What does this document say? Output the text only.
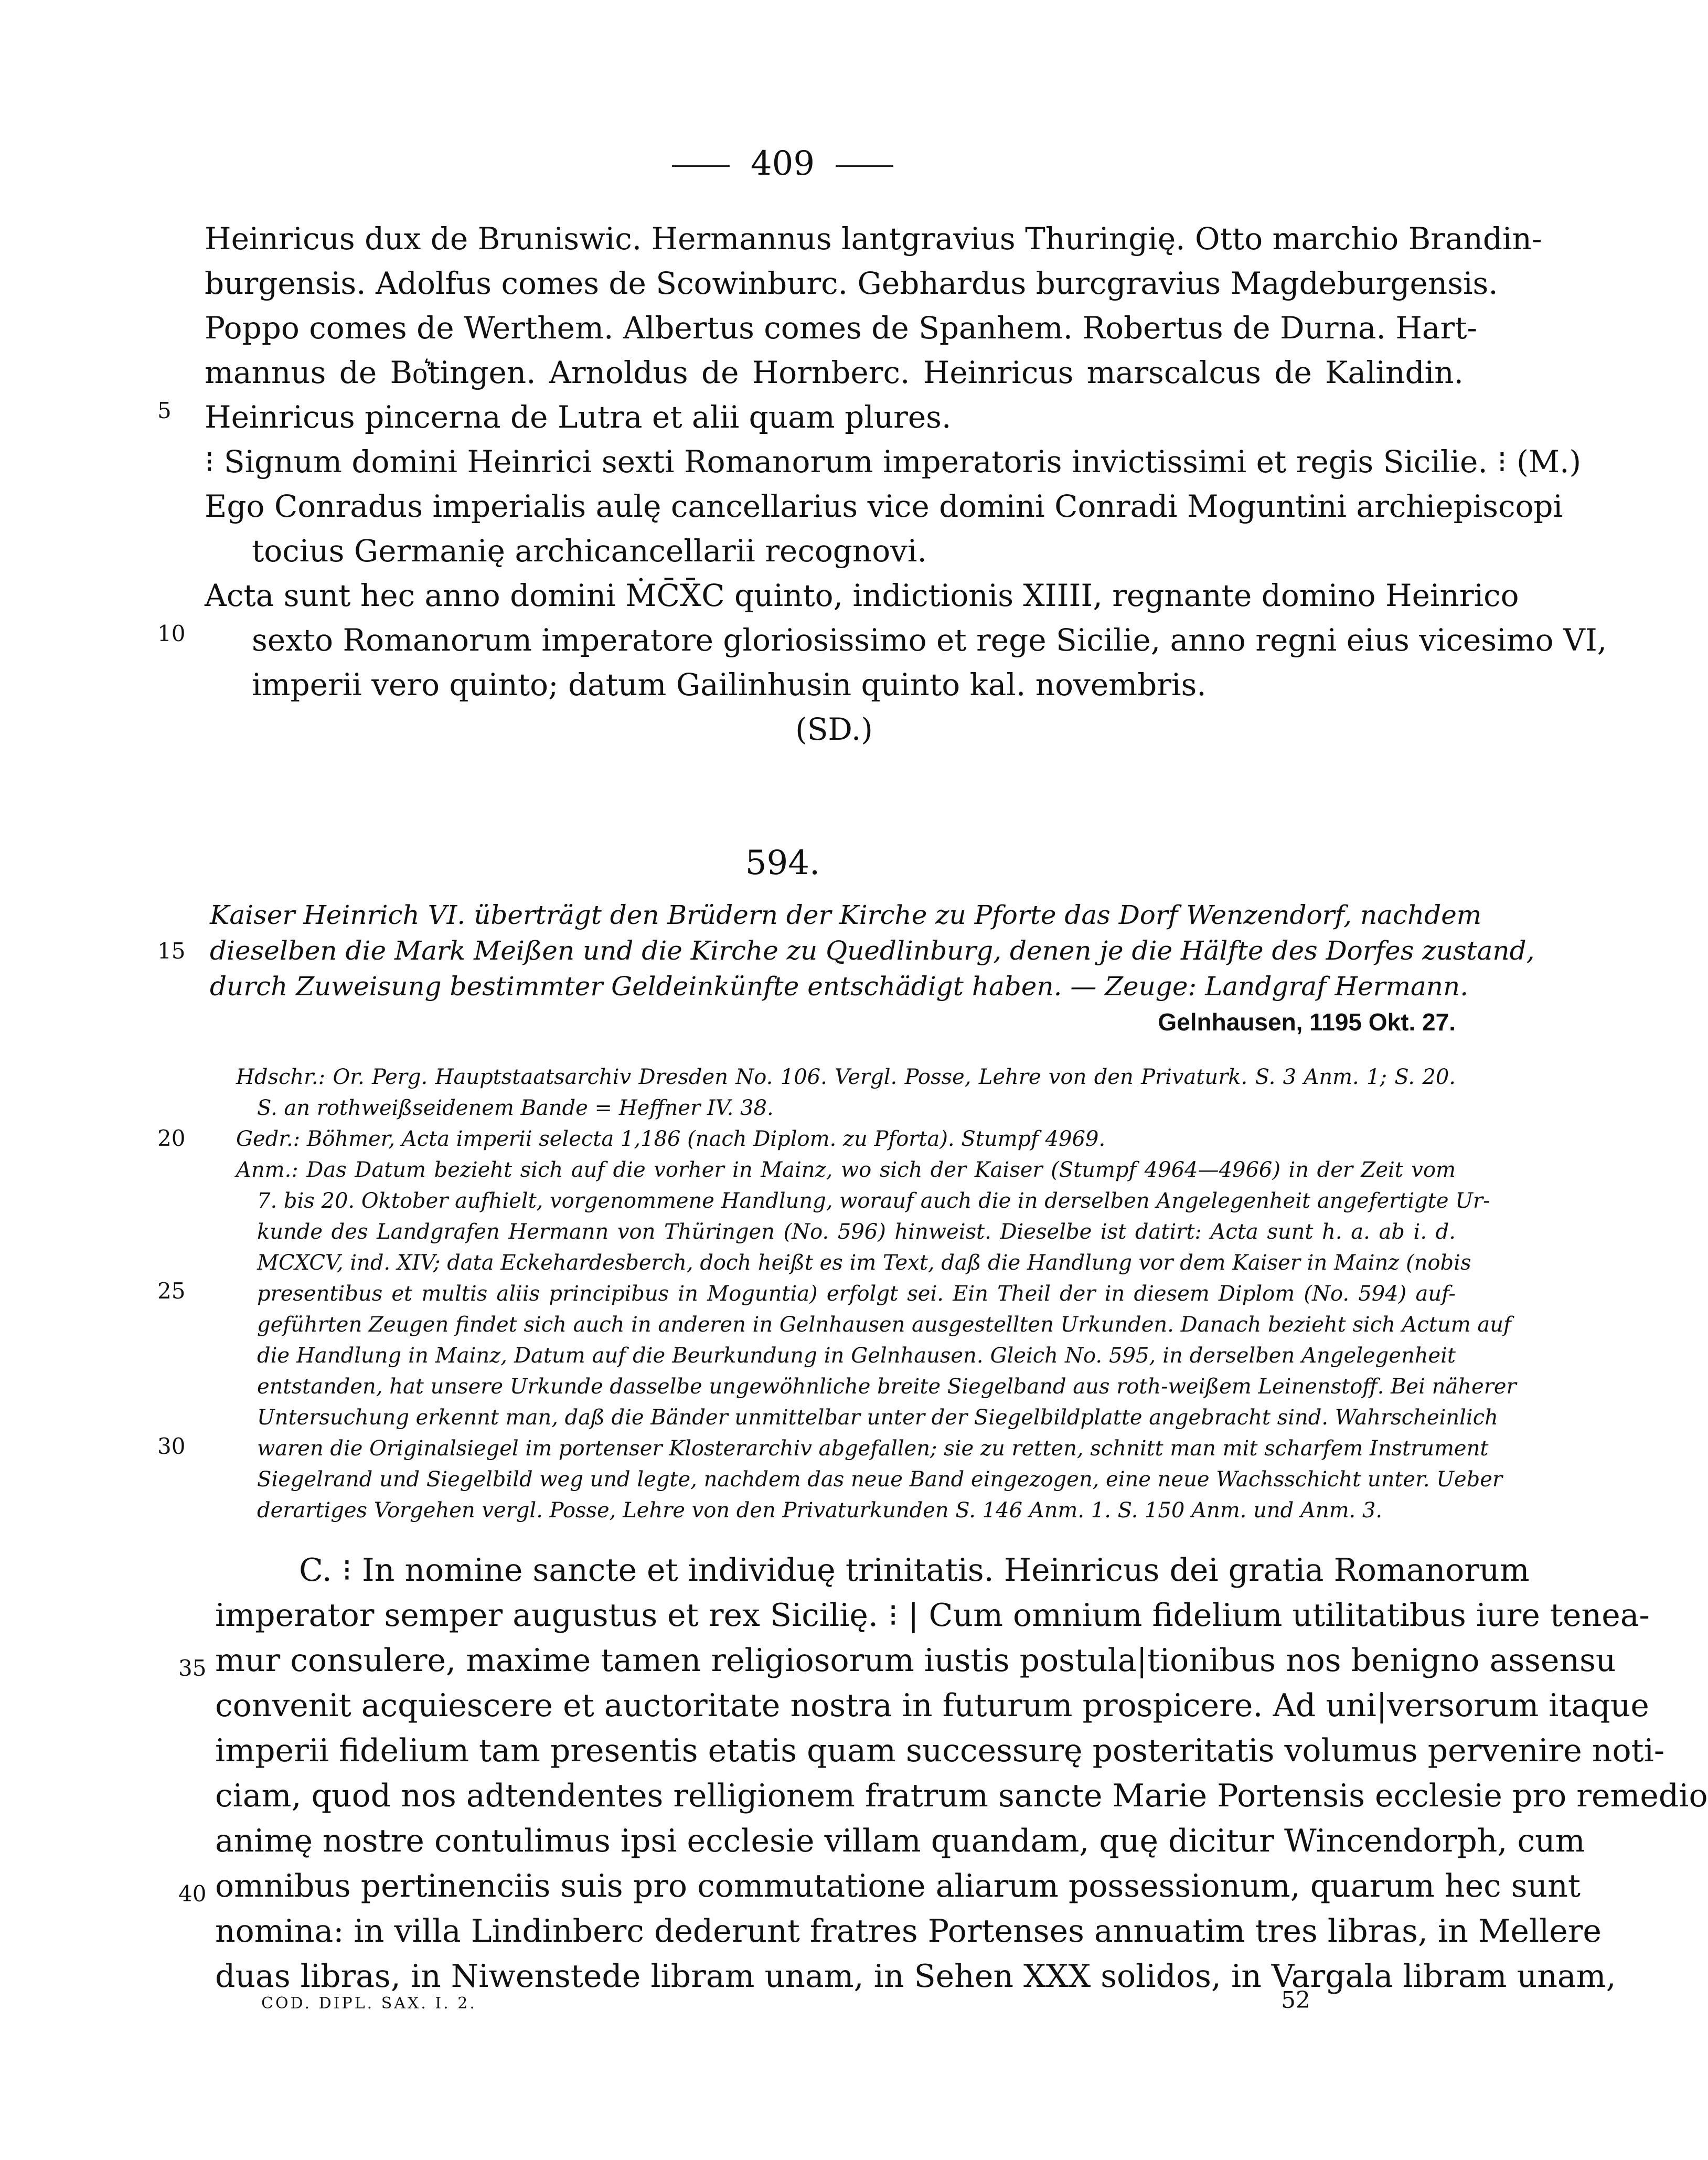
409
Heinricus dux de Bruniswic. Hermannus lantgravius Thuringię. Otto marchio Brandin-
burgensis. Adolfus comes de Scowinburc. Gebhardus burcgravius Magdeburgensis.
Poppo comes de Werthem. Albertus comes de Spanhem. Robertus de Durna. Hart-
mannus de Bo͛tingen. Arnoldus de Hornberc. Heinricus marscalcus de Kalindin.
Heinricus pincerna de Lutra et alii quam plures.
⁝ Signum domini Heinrici sexti Romanorum imperatoris invictissimi et regis Sicilie. ⁝ (M.)
Ego Conradus imperialis aulę cancellarius vice domini Conradi Moguntini archiepiscopi
tocius Germanię archicancellarii recognovi.
Acta sunt hec anno domini ṀC̄X̄C quinto, indictionis XIIII, regnante domino Heinrico
sexto Romanorum imperatore gloriosissimo et rege Sicilie, anno regni eius vicesimo VI,
imperii vero quinto; datum Gailinhusin quinto kal. novembris.
(SD.)
5
10
594.
Kaiser Heinrich VI. überträgt den Brüdern der Kirche zu Pforte das Dorf Wenzendorf, nachdem
dieselben die Mark Meißen und die Kirche zu Quedlinburg, denen je die Hälfte des Dorfes zustand,
durch Zuweisung bestimmter Geldeinkünfte entschädigt haben. — Zeuge: Landgraf Hermann.
Gelnhausen, 1195 Okt. 27.
15
Hdschr.: Or. Perg. Hauptstaatsarchiv Dresden No. 106. Vergl. Posse, Lehre von den Privaturk. S. 3 Anm. 1; S. 20.
S. an rothweißseidenem Bande = Heffner IV. 38.
Gedr.: Böhmer, Acta imperii selecta 1,186 (nach Diplom. zu Pforta). Stumpf 4969.
Anm.: Das Datum bezieht sich auf die vorher in Mainz, wo sich der Kaiser (Stumpf 4964—4966) in der Zeit vom
7. bis 20. Oktober aufhielt, vorgenommene Handlung, worauf auch die in derselben Angelegenheit angefertigte Ur-
kunde des Landgrafen Hermann von Thüringen (No. 596) hinweist. Dieselbe ist datirt: Acta sunt h. a. ab i. d.
MCXCV, ind. XIV; data Eckehardesberch, doch heißt es im Text, daß die Handlung vor dem Kaiser in Mainz (nobis
presentibus et multis aliis principibus in Moguntia) erfolgt sei. Ein Theil der in diesem Diplom (No. 594) auf-
geführten Zeugen findet sich auch in anderen in Gelnhausen ausgestellten Urkunden. Danach bezieht sich Actum auf
die Handlung in Mainz, Datum auf die Beurkundung in Gelnhausen. Gleich No. 595, in derselben Angelegenheit
entstanden, hat unsere Urkunde dasselbe ungewöhnliche breite Siegelband aus roth-weißem Leinenstoff. Bei näherer
Untersuchung erkennt man, daß die Bänder unmittelbar unter der Siegelbildplatte angebracht sind. Wahrscheinlich
waren die Originalsiegel im portenser Klosterarchiv abgefallen; sie zu retten, schnitt man mit scharfem Instrument
Siegelrand und Siegelbild weg und legte, nachdem das neue Band eingezogen, eine neue Wachsschicht unter. Ueber
derartiges Vorgehen vergl. Posse, Lehre von den Privaturkunden S. 146 Anm. 1. S. 150 Anm. und Anm. 3.
20
25
30
C. ⁝ In nomine sancte et individuę trinitatis. Heinricus dei gratia Romanorum
imperator semper augustus et rex Sicilię. ⁝ | Cum omnium fidelium utilitatibus iure tenea-
mur consulere, maxime tamen religiosorum iustis postula|tionibus nos benigno assensu
convenit acquiescere et auctoritate nostra in futurum prospicere. Ad uni|versorum itaque
imperii fidelium tam presentis etatis quam successurę posteritatis volumus pervenire noti-
ciam, quod nos adtendentes relligionem fratrum sancte Marie Portensis ecclesie pro remedio
animę nostre contulimus ipsi ecclesie villam quandam, quę dicitur Wincendorph, cum
omnibus pertinenciis suis pro commutatione aliarum possessionum, quarum hec sunt
nomina: in villa Lindinberc dederunt fratres Portenses annuatim tres libras, in Mellere
duas libras, in Niwenstede libram unam, in Sehen XXX solidos, in Vargala libram unam,
35
40
COD. DIPL. SAX. I. 2.	52
